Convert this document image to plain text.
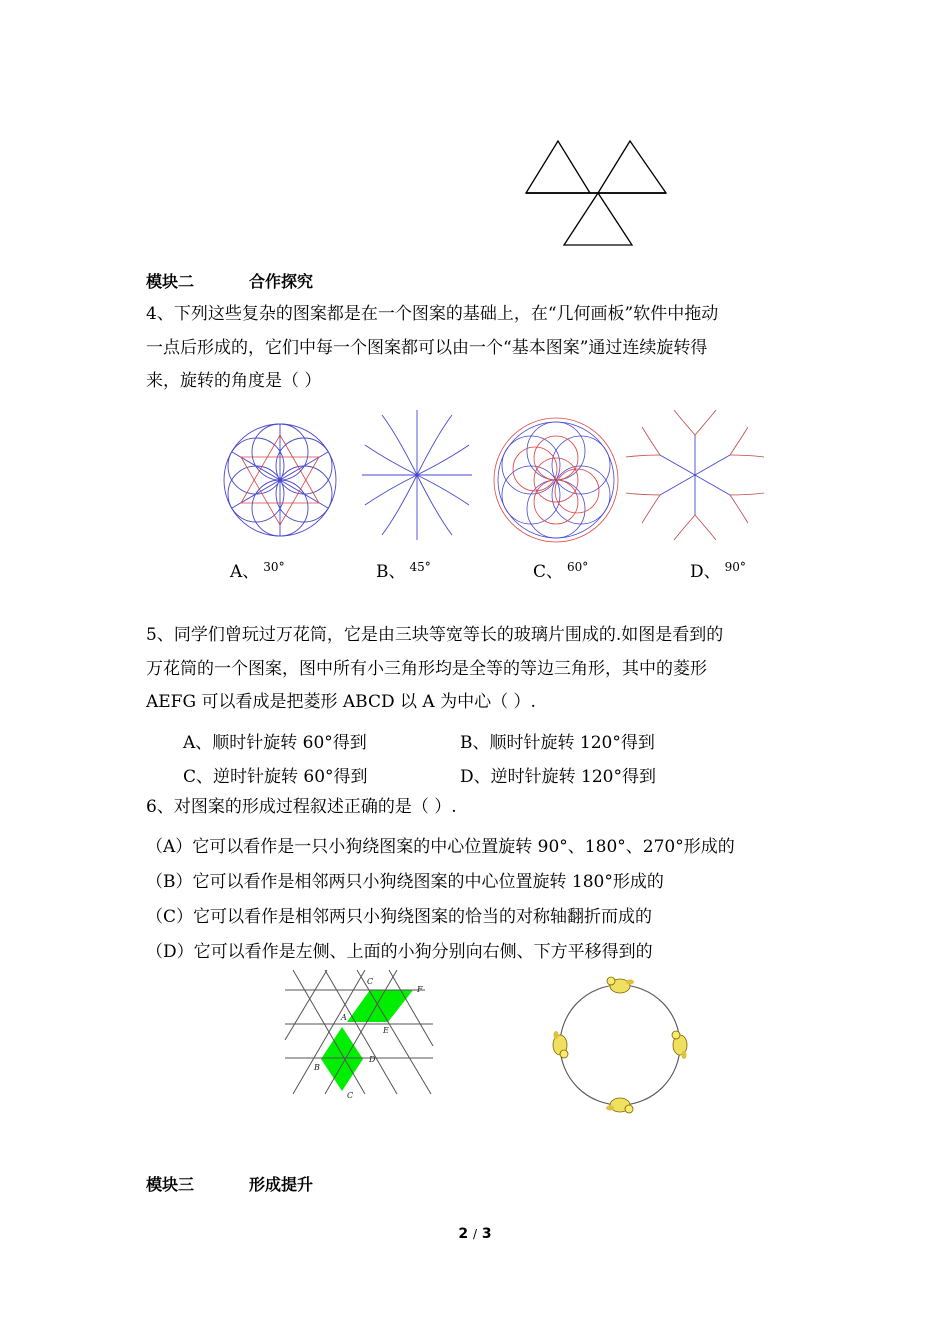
模块二	合作探究
4、下列这些复杂的图案都是在一个图案的基础上，在“几何画板”软件中拖动
一点后形成的，它们中每一个图案都可以由一个“基本图案”通过连续旋转得
来，旋转的角度是（ ）
A、 $^{30^\circ}$	B、 $^{45^\circ}$	C、 $^{60^\circ}$	D、 $^{90^\circ}$
5、同学们曾玩过万花筒，它是由三块等宽等长的玻璃片围成的.如图是看到的
万花筒的一个图案，图中所有小三角形均是全等的等边三角形，其中的菱形
AEFG 可以看成是把菱形 ABCD 以 A 为中心（ ）.
A、顺时针旋转 60°得到	B、顺时针旋转 120°得到
C、逆时针旋转 60°得到	D、逆时针旋转 120°得到
6、对图案的形成过程叙述正确的是（ ）.
（A）它可以看作是一只小狗绕图案的中心位置旋转 90°、180°、270°形成的
（B）它可以看作是相邻两只小狗绕图案的中心位置旋转 180°形成的
（C）它可以看作是相邻两只小狗绕图案的恰当的对称轴翻折而成的
（D）它可以看作是左侧、上面的小狗分别向右侧、下方平移得到的
C
F
A
E
D
B
C
模块三	形成提升
2 / 3
